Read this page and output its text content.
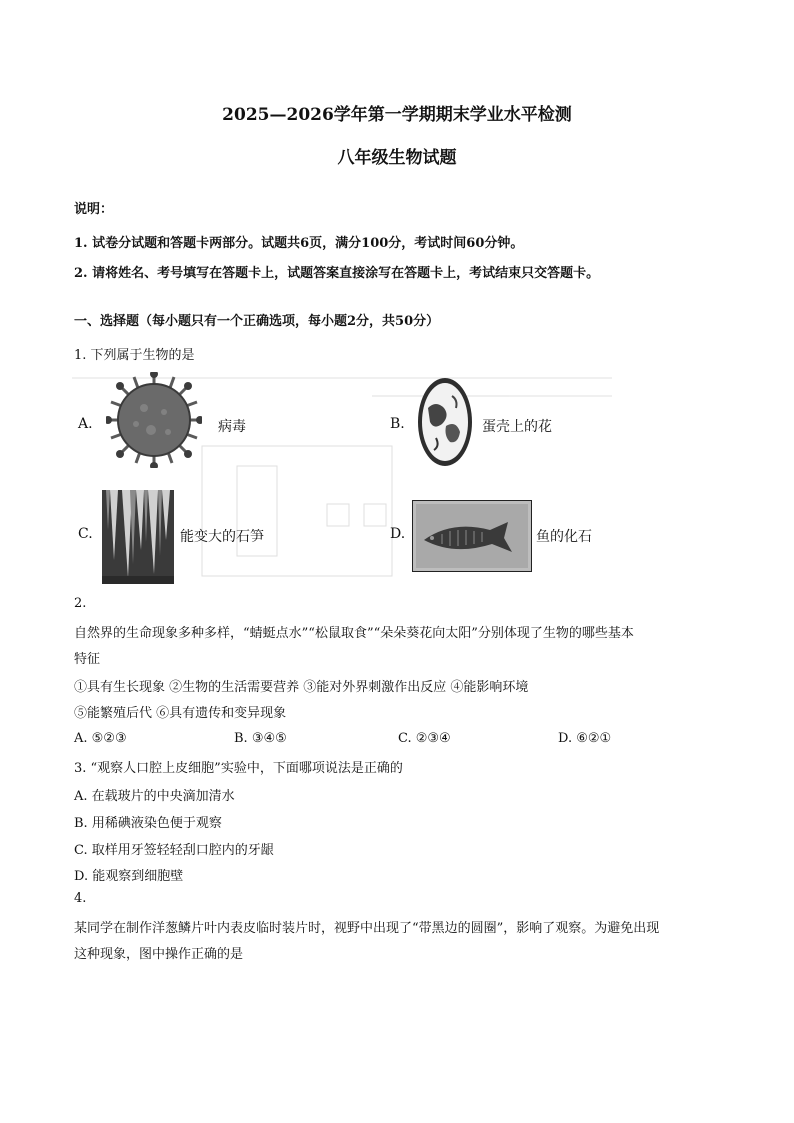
2025—2026学年第一学期期末学业水平检测
八年级生物试题
说明：
1. 试卷分试题和答题卡两部分。试题共6页，满分100分，考试时间60分钟。
2. 请将姓名、考号填写在答题卡上，试题答案直接涂写在答题卡上，考试结束只交答题卡。
一、选择题（每小题只有一个正确选项，每小题2分，共50分）
1. 下列属于生物的是
A.	病毒	B.	蛋壳上的花
C.	能变大的石笋	D.	鱼的化石
2.
自然界的生命现象多种多样，“蜻蜓点水”“松鼠取食”“朵朵葵花向太阳”分别体现了生物的哪些基本
特征
①具有生长现象 ②生物的生活需要营养 ③能对外界刺激作出反应 ④能影响环境
⑤能繁殖后代 ⑥具有遗传和变异现象
A. ⑤②③	B. ③④⑤	C. ②③④	D. ⑥②①
3. “观察人口腔上皮细胞”实验中，下面哪项说法是正确的
A. 在载玻片的中央滴加清水
B. 用稀碘液染色便于观察
C. 取样用牙签轻轻刮口腔内的牙龈
D. 能观察到细胞壁
4.
某同学在制作洋葱鳞片叶内表皮临时装片时，视野中出现了“带黑边的圆圈”，影响了观察。为避免出现
这种现象，图中操作正确的是
